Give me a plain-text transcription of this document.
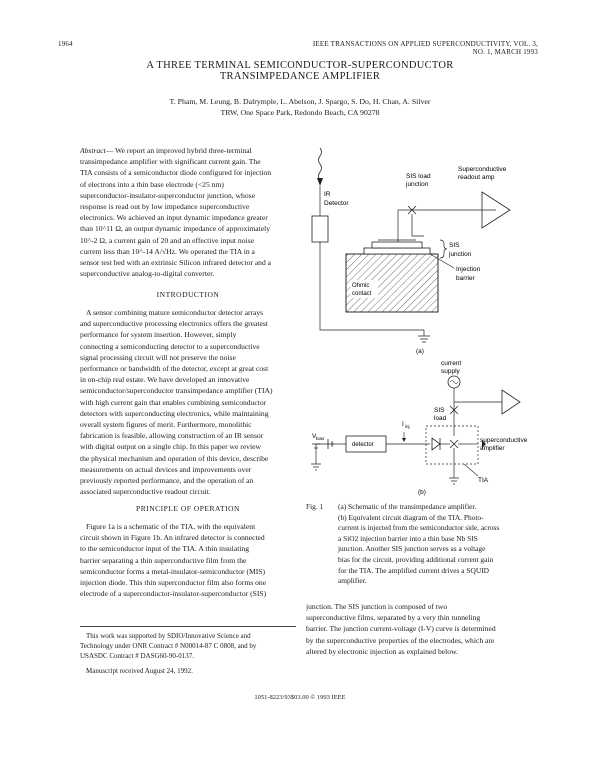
1964	IEEE TRANSACTIONS ON APPLIED SUPERCONDUCTIVITY, VOL. 3, NO. 1, MARCH 1993
A THREE TERMINAL SEMICONDUCTOR-SUPERCONDUCTOR
TRANSIMPEDANCE AMPLIFIER
T. Pham, M. Leung, B. Dalrymple, L. Abelson, J. Spargo, S. Do, H. Chan, A. Silver
TRW, One Space Park, Redondo Beach, CA 90278
Abstract— We report an improved hybrid three-terminal
transimpedance amplifier with significant current gain. The
TIA consists of a semiconductor diode configured for injection
of electrons into a thin base electrode (<25 nm)
superconductor-insulator-superconductor junction, whose
response is read out by low impedance superconductive
electronics. We achieved an input dynamic impedance greater
than 10^11 Ω, an output dynamic impedance of approximately
10^-2 Ω, a current gain of 20 and an effective input noise
current less than 10^-14 A/√Hz. We operated the TIA in a
sensor test bed with an extrinsic Silicon infrared detector and a
superconductive analog-to-digital converter.
INTRODUCTION
A sensor combining mature semiconductor detector arrays
and superconductive processing electronics offers the greatest
performance for system insertion. However, simply
connecting a semiconducting detector to a superconductive
signal processing circuit will not preserve the noise
performance or bandwidth of the detector, except at great cost
in on-chip real estate. We have developed an innovative
semiconductor/superconductor transimpedance amplifier (TIA)
with high current gain that enables combining semiconductor
detectors with superconducting electronics, while maintaining
overall system figures of merit. Furthermore, monolithic
fabrication is feasible, allowing construction of an IR sensor
with digital output on a single chip. In this paper we review
the physical mechanism and operation of this device, describe
measurements on actual devices and improvements over
previously reported performance, and the operation of an
associated superconductive readout circuit.
PRINCIPLE OF OPERATION
Figure 1a is a schematic of the TIA, with the equivalent
circuit shown in Figure 1b. An infrared detector is connected
to the semiconductor input of the TIA. A thin insulating
barrier separating a thin superconductive film from the
semiconductor forms a metal-insulator-semiconductor (MIS)
injection diode. This thin superconductor film also forms one
electrode of a superconductor-insulator-superconductor (SIS)
This work was supported by SDIO/Innovative Science and
Technology under ONR Contract # N00014-87 C 0808, and by
USASDC Contract # DASG60-90-0137.
Manuscript received August 24, 1992.
IR
Detector
Ohmic
contact
SIS
junction
Injection
barrier
SIS load
junction
Superconductive
readout amp
(a)
current
supply
SIS
load
V bias
detector
I inj
superconductive
amplifier
TIA
(b)
Fig. 1 (a) Schematic of the transimpedance amplifier.
(b) Equivalent circuit diagram of the TIA. Photo-
current is injected from the semiconductor side, across
a SiO2 injection barrier into a thin base Nb SIS
junction. Another SIS junction serves as a voltage
bias for the circuit, providing additional current gain
for the TIA. The amplified current drives a SQUID
amplifier.
junction. The SIS junction is composed of two
superconductive films, separated by a very thin tunneling
barrier. The junction current-voltage (I-V) curve is determined
by the superconductive properties of the electrodes, which are
altered by electronic injection as explained below.
1051-8223/93$03.00 © 1993 IEEE
